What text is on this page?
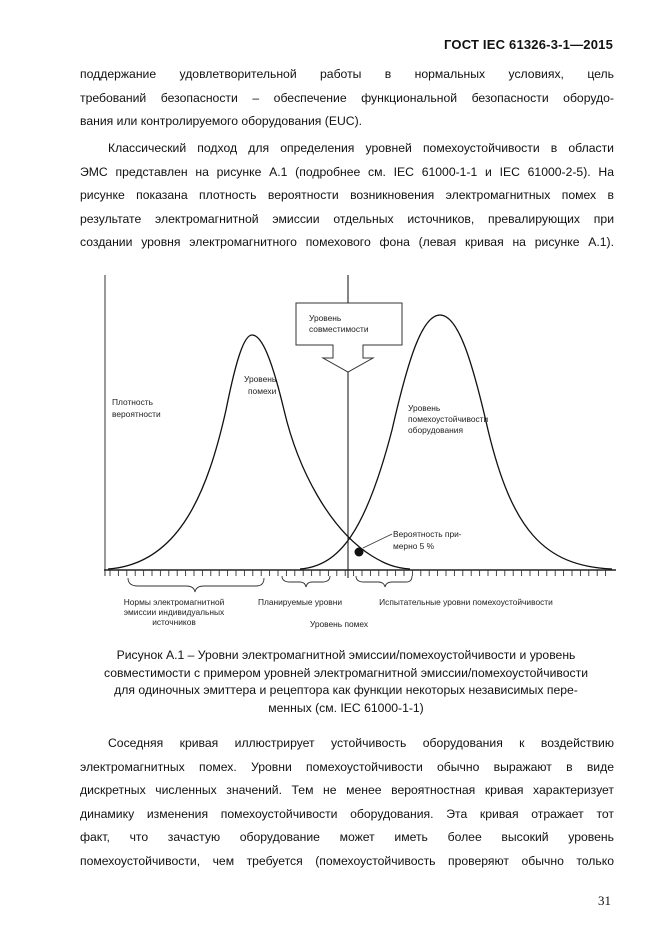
ГОСТ IEC 61326-3-1—2015
поддержание удовлетворительной работы в нормальных условиях, цель
требований безопасности – обеспечение функциональной безопасности оборудо-
вания или контролируемого оборудования (EUC).
Классический подход для определения уровней помехоустойчивости в области
ЭМС представлен на рисунке А.1 (подробнее см. IEC 61000-1-1 и IEC 61000-2-5). На
рисунке показана плотность вероятности возникновения электромагнитных помех в
результате электромагнитной эмиссии отдельных источников, превалирующих при
создании уровня электромагнитного помехового фона (левая кривая на рисунке А.1).
Уровень
совместимости
Плотность
вероятности
Уровень
помехи
Уровень
помехоустойчивости
оборудования
Вероятность при-
мерно 5 %
Нормы электромагнитной
эмиссии индивидуальных
источников
Планируемые уровни	Испытательные уровни помехоустойчивости
Уровень помех
Рисунок А.1 – Уровни электромагнитной эмиссии/помехоустойчивости и уровень
совместимости с примером уровней электромагнитной эмиссии/помехоустойчивости
для одиночных эмиттера и рецептора как функции некоторых независимых пере-
менных (см. IEC 61000-1-1)
Соседняя кривая иллюстрирует устойчивость оборудования к воздействию
электромагнитных помех. Уровни помехоустойчивости обычно выражают в виде
дискретных численных значений. Тем не менее вероятностная кривая характеризует
динамику изменения помехоустойчивости оборудования. Эта кривая отражает тот
факт, что зачастую оборудование может иметь более высокий уровень
помехоустойчивости, чем требуется (помехоустойчивость проверяют обычно только
31
